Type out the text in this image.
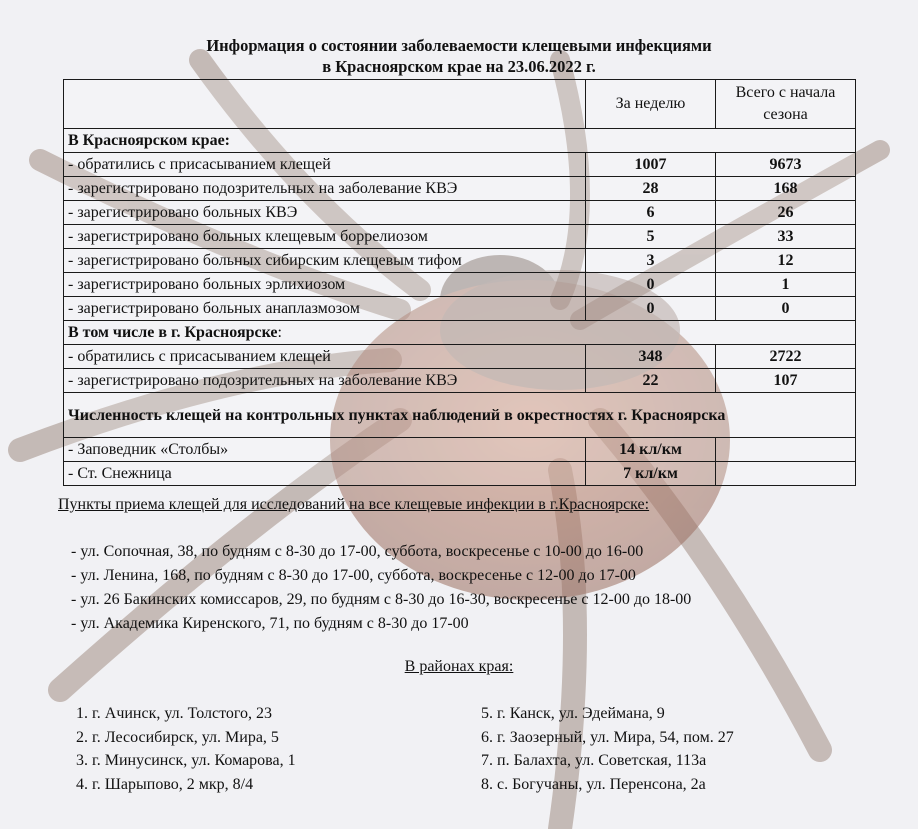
Информация о состоянии заболеваемости клещевыми инфекциями
в Красноярском крае на 23.06.2022 г.
	За неделю	Всего с начала сезона
В Красноярском крае:		
- обратились с присасыванием клещей	1007	9673
- зарегистрировано подозрительных на заболевание КВЭ	28	168
- зарегистрировано больных КВЭ	6	26
- зарегистрировано больных клещевым боррелиозом	5	33
- зарегистрировано больных сибирским клещевым тифом	3	12
- зарегистрировано больных эрлихиозом	0	1
- зарегистрировано больных анаплазмозом	0	0
В том числе в г. Красноярске:		
- обратились с присасыванием клещей	348	2722
- зарегистрировано подозрительных на заболевание КВЭ	22	107
Численность клещей на контрольных пунктах наблюдений в окрестностях г. Красноярска		
- Заповедник «Столбы»	14 кл/км	
- Ст. Снежница	7 кл/км	
Пункты приема клещей для исследований на все клещевые инфекции в г.Красноярске:
- ул. Сопочная, 38, по будням с 8-30 до 17-00, суббота, воскресенье с 10-00 до 16-00
- ул. Ленина, 168, по будням с 8-30 до 17-00, суббота, воскресенье с 12-00 до 17-00
- ул. 26 Бакинских комиссаров, 29, по будням с 8-30 до 16-30, воскресенье с 12-00 до 18-00
- ул. Академика Киренского, 71, по будням с 8-30 до 17-00
В районах края:
1. г. Ачинск, ул. Толстого, 23
2. г. Лесосибирск, ул. Мира, 5
3. г. Минусинск, ул. Комарова, 1
4. г. Шарыпово, 2 мкр, 8/4
5. г. Канск, ул. Эдеймана, 9
6. г. Заозерный, ул. Мира, 54, пом. 27
7. п. Балахта, ул. Советская, 113а
8. с. Богучаны, ул. Перенсона, 2а
